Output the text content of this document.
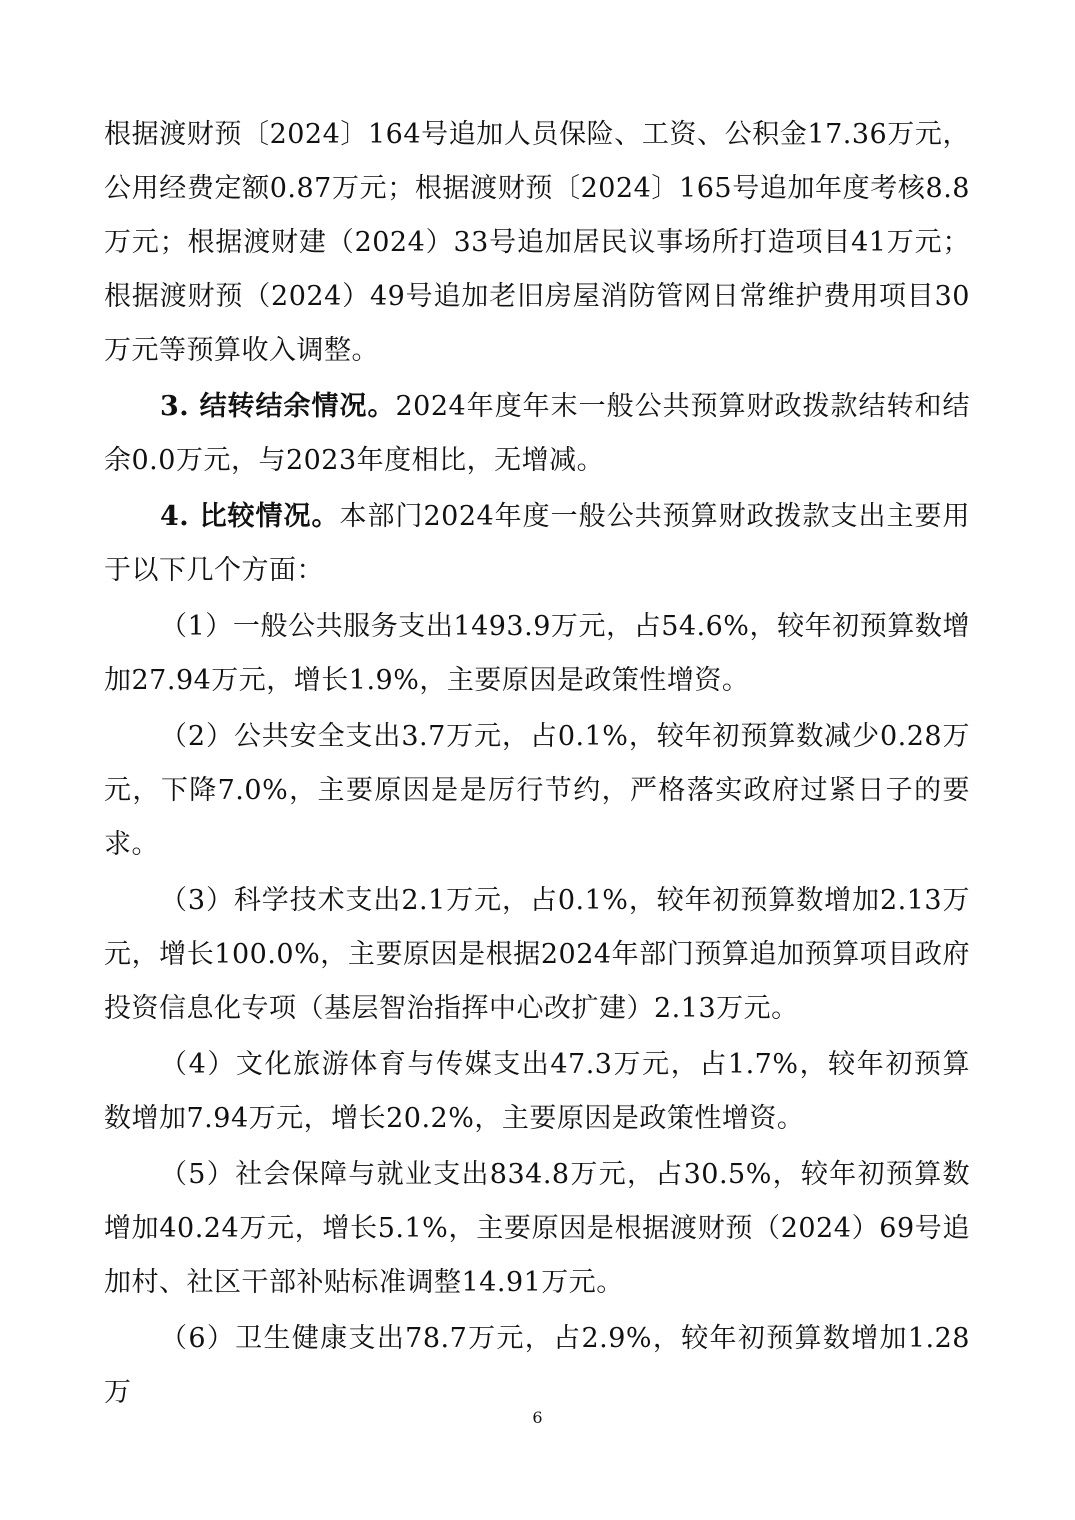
根据渡财预〔2024〕164号追加人员保险、工资、公积金17.36万元，公用经费定额0.87万元；根据渡财预〔2024〕165号追加年度考核8.8万元；根据渡财建（2024）33号追加居民议事场所打造项目41万元；根据渡财预（2024）49号追加老旧房屋消防管网日常维护费用项目30万元等预算收入调整。

3. 结转结余情况。2024年度年末一般公共预算财政拨款结转和结余0.0万元，与2023年度相比，无增减。

4. 比较情况。本部门2024年度一般公共预算财政拨款支出主要用于以下几个方面：

（1）一般公共服务支出1493.9万元，占54.6%，较年初预算数增加27.94万元，增长1.9%，主要原因是政策性增资。

（2）公共安全支出3.7万元，占0.1%，较年初预算数减少0.28万元，下降7.0%，主要原因是是厉行节约，严格落实政府过紧日子的要求。

（3）科学技术支出2.1万元，占0.1%，较年初预算数增加2.13万元，增长100.0%，主要原因是根据2024年部门预算追加预算项目政府投资信息化专项（基层智治指挥中心改扩建）2.13万元。

（4）文化旅游体育与传媒支出47.3万元，占1.7%，较年初预算数增加7.94万元，增长20.2%，主要原因是政策性增资。

（5）社会保障与就业支出834.8万元，占30.5%，较年初预算数增加40.24万元，增长5.1%，主要原因是根据渡财预（2024）69号追加村、社区干部补贴标准调整14.91万元。

（6）卫生健康支出78.7万元，占2.9%，较年初预算数增加1.28万

6
